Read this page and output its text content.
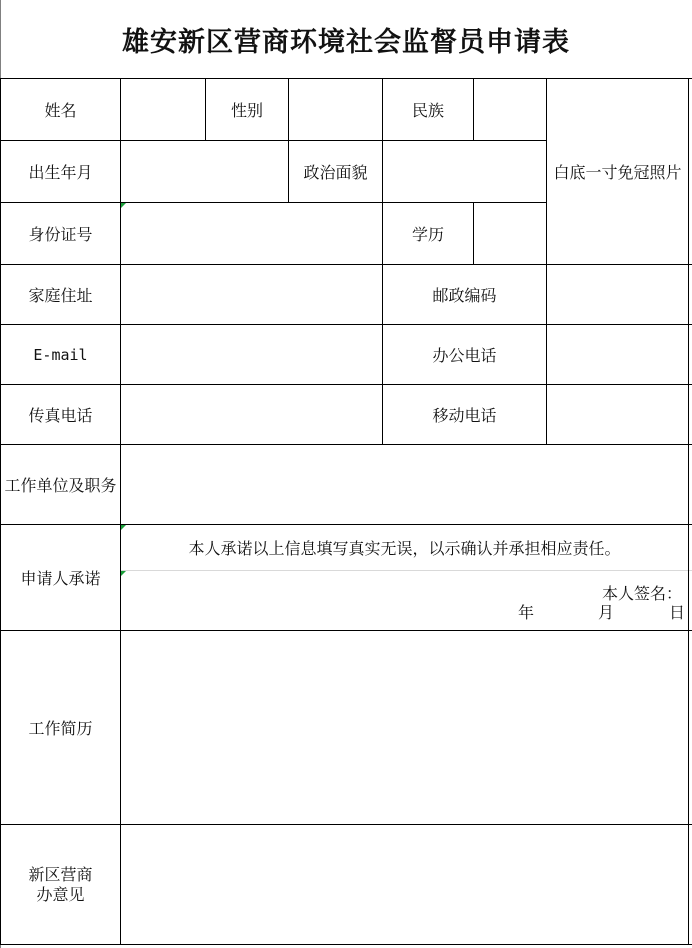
雄安新区营商环境社会监督员申请表
姓名	性别	民族
白底一寸免冠照片
出生年月	政治面貌
身份证号	学历
家庭住址	邮政编码
E-mail	办公电话
传真电话	移动电话
工作单位及职务
申请人承诺
本人承诺以上信息填写真实无误，以示确认并承担相应责任。
本人签名：
年	月	日
工作简历
新区营商办意见
